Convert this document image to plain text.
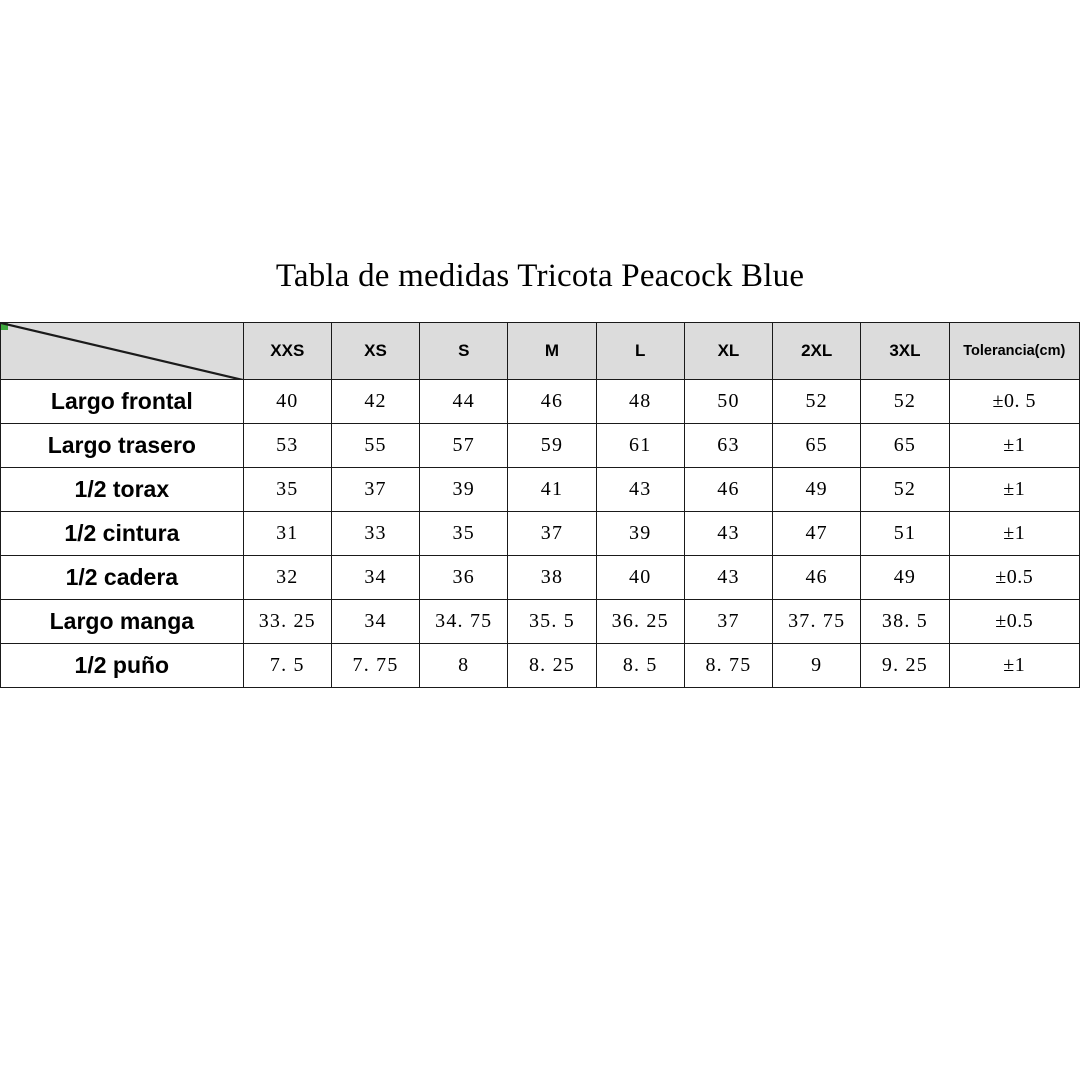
Tabla de medidas Tricota Peacock Blue
	XXS	XS	S	M	L	XL	2XL	3XL	Tolerancia(cm)
Largo frontal	40	42	44	46	48	50	52	52	±0. 5
Largo trasero	53	55	57	59	61	63	65	65	±1
1/2 torax	35	37	39	41	43	46	49	52	±1
1/2 cintura	31	33	35	37	39	43	47	51	±1
1/2 cadera	32	34	36	38	40	43	46	49	±0.5
Largo manga	33. 25	34	34. 75	35. 5	36. 25	37	37. 75	38. 5	±0.5
1/2 puño	7. 5	7. 75	8	8. 25	8. 5	8. 75	9	9. 25	±1
